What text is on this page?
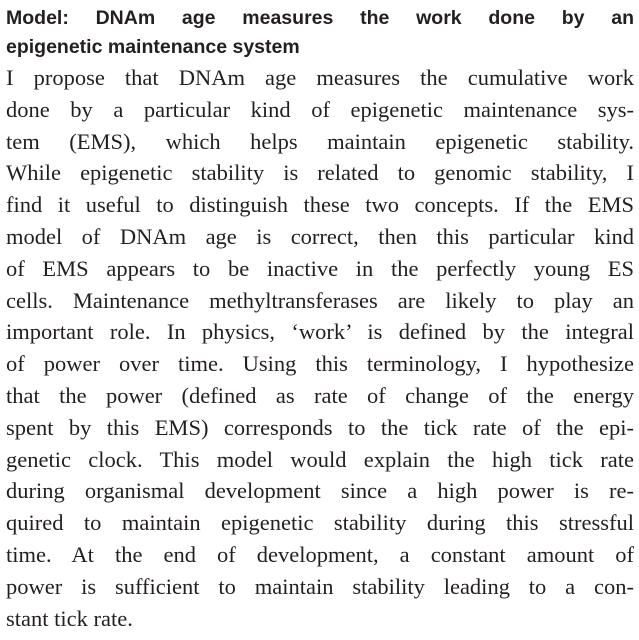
Model: DNAm age measures the work done by an
epigenetic maintenance system

I propose that DNAm age measures the cumulative work
done by a particular kind of epigenetic maintenance sys-
tem (EMS), which helps maintain epigenetic stability.
While epigenetic stability is related to genomic stability, I
find it useful to distinguish these two concepts. If the EMS
model of DNAm age is correct, then this particular kind
of EMS appears to be inactive in the perfectly young ES
cells. Maintenance methyltransferases are likely to play an
important role. In physics, ‘work’ is defined by the integral
of power over time. Using this terminology, I hypothesize
that the power (defined as rate of change of the energy
spent by this EMS) corresponds to the tick rate of the epi-
genetic clock. This model would explain the high tick rate
during organismal development since a high power is re-
quired to maintain epigenetic stability during this stressful
time. At the end of development, a constant amount of
power is sufficient to maintain stability leading to a con-
stant tick rate.
